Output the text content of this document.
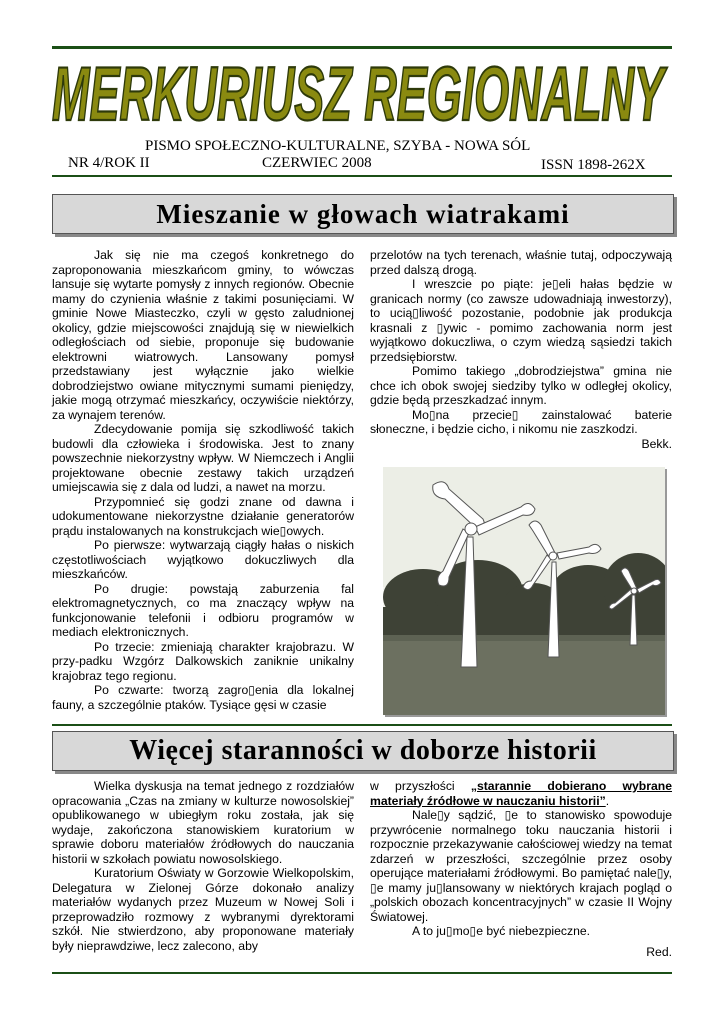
MERKURIUSZ REGIONALNY
PISMO SPOŁECZNO-KULTURALNE, SZYBA - NOWA SÓL
NR 4/ROK II	CZERWIEC 2008	ISSN 1898-262X
Mieszanie w głowach wiatrakami

Jak się nie ma czegoś konkretnego do zaproponowania mieszkańcom gminy, to wówczas lansuje się wytarte pomysły z innych regionów. Obecnie mamy do czynienia właśnie z takimi posunięciami. W gminie Nowe Miasteczko, czyli w gęsto zaludnionej okolicy, gdzie miejscowości znajdują się w niewielkich odległościach od siebie, proponuje się budowanie elektrowni wiatrowych. Lansowany pomysł przedstawiany jest wyłącznie jako wielkie dobrodziejstwo owiane mitycznymi sumami pieniędzy, jakie mogą otrzymać mieszkańcy, oczywiście niektórzy, za wynajem terenów.

Zdecydowanie pomija się szkodliwość takich budowli dla człowieka i środowiska. Jest to znany powszechnie niekorzystny wpływ. W Niemczech i Anglii projektowane obecnie zestawy takich urządzeń umiejscawia się z dala od ludzi, a nawet na morzu.

Przypomnieć się godzi znane od dawna i udokumentowane niekorzystne działanie generatorów prądu instalowanych na konstrukcjach wie▯owych.

Po pierwsze: wytwarzają ciągły hałas o niskich częstotliwościach wyjątkowo dokuczliwych dla mieszkańców.

Po drugie: powstają zaburzenia fal elektromagnetycznych, co ma znaczący wpływ na funkcjonowanie telefonii i odbioru programów w mediach elektronicznych.

Po trzecie: zmieniają charakter krajobrazu. W przy-padku Wzgórz Dalkowskich zaniknie unikalny krajobraz tego regionu.

Po czwarte: tworzą zagro▯enia dla lokalnej fauny, a szczególnie ptaków. Tysiące gęsi w czasie

przelotów na tych terenach, właśnie tutaj, odpoczywają przed dalszą drogą.

I wreszcie po piąte: je▯eli hałas będzie w granicach normy (co zawsze udowadniają inwestorzy), to ucią▯liwość pozostanie, podobnie jak produkcja krasnali z ▯ywic - pomimo zachowania norm jest wyjątkowo dokuczliwa, o czym wiedzą sąsiedzi takich przedsiębiorstw.

Pomimo takiego „dobrodziejstwa” gmina nie chce ich obok swojej siedziby tylko w odległej okolicy, gdzie będą przeszkadzać innym.

Mo▯na przecie▯ zainstalować baterie słoneczne, i będzie cicho, i nikomu nie zaszkodzi.

Bekk.

Więcej staranności w doborze historii

Wielka dyskusja na temat jednego z rozdziałów opracowania „Czas na zmiany w kulturze nowosolskiej” opublikowanego w ubiegłym roku została, jak się wydaje, zakończona stanowiskiem kuratorium w sprawie doboru materiałów źródłowych do nauczania historii w szkołach powiatu nowosolskiego.

Kuratorium Oświaty w Gorzowie Wielkopolskim, Delegatura w Zielonej Górze dokonało analizy materiałów wydanych przez Muzeum w Nowej Soli i przeprowadziło rozmowy z wybranymi dyrektorami szkół. Nie stwierdzono, aby proponowane materiały były nieprawdziwe, lecz zalecono, aby

w przyszłości „starannie dobierano wybrane materiały źródłowe w nauczaniu historii”.

Nale▯y sądzić, ▯e to stanowisko spowoduje przywrócenie normalnego toku nauczania historii i rozpocznie przekazywanie całościowej wiedzy na temat zdarzeń w przeszłości, szczególnie przez osoby operujące materiałami źródłowymi. Bo pamiętać nale▯y, ▯e mamy ju▯lansowany w niektórych krajach pogląd o „polskich obozach koncentracyjnych” w czasie II Wojny Światowej.

A to ju▯mo▯e być niebezpieczne.

Red.
